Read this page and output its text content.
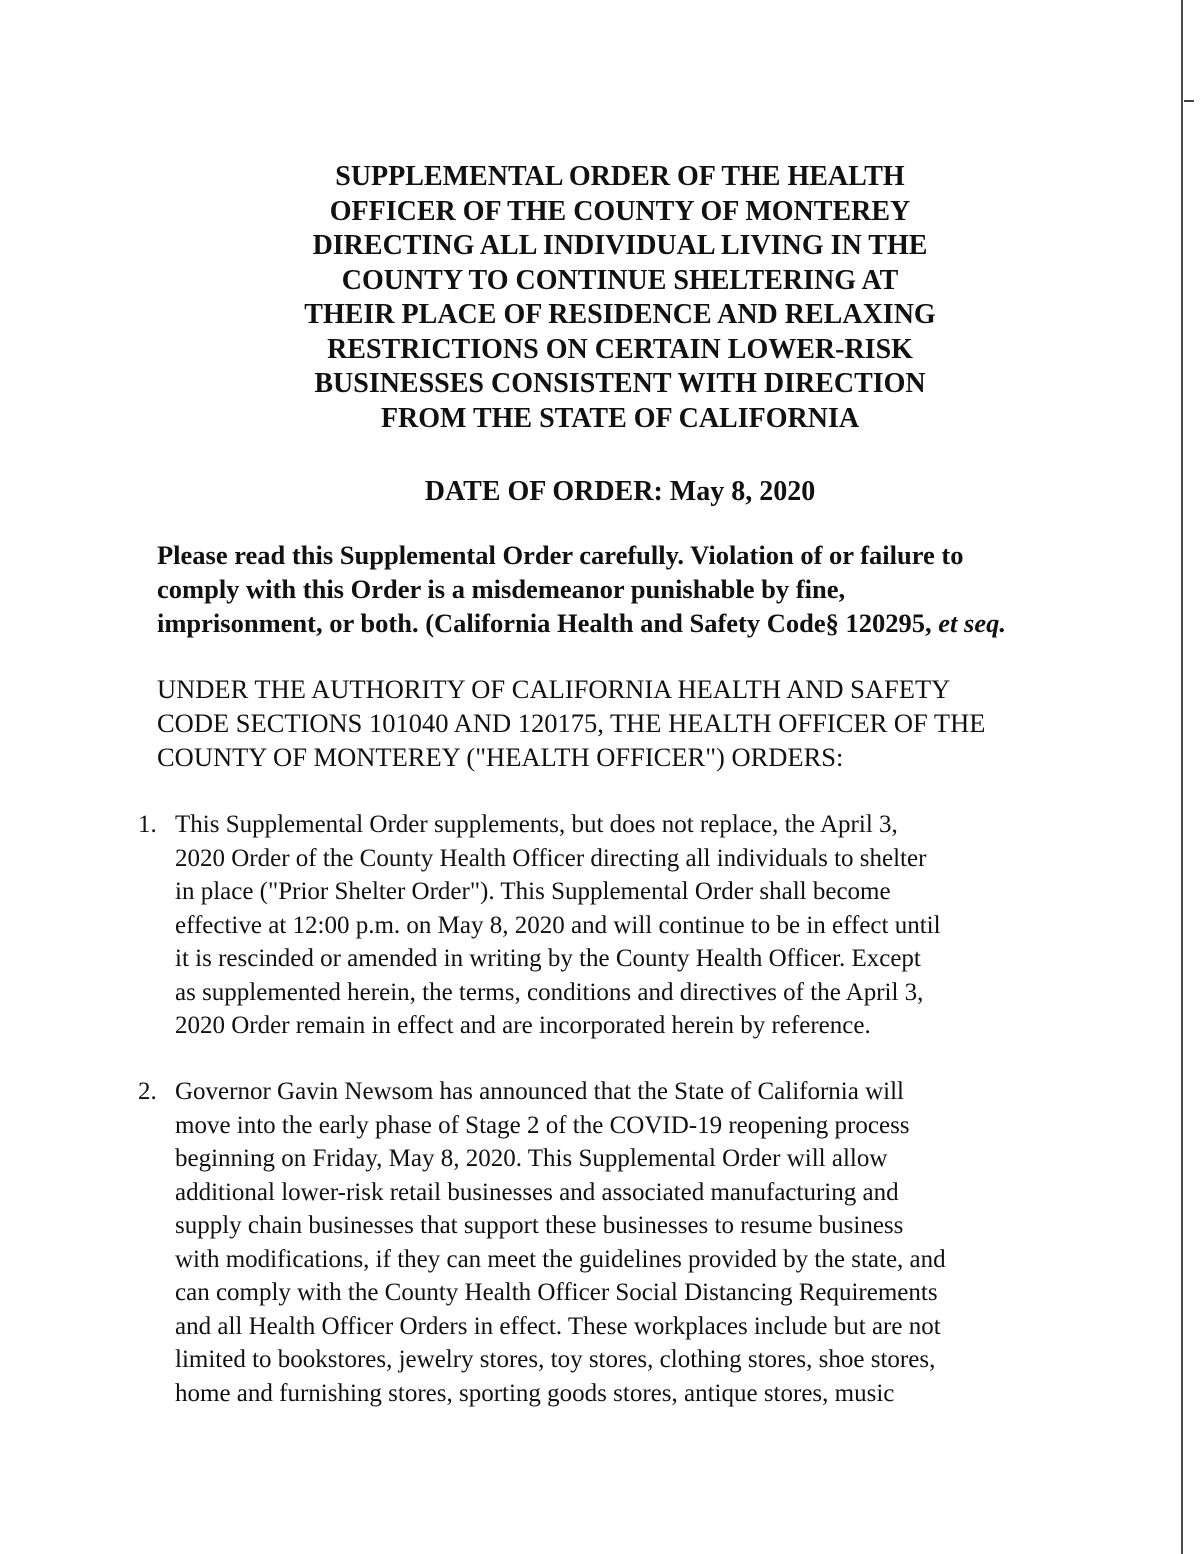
SUPPLEMENTAL ORDER OF THE HEALTH
OFFICER OF THE COUNTY OF MONTEREY
DIRECTING ALL INDIVIDUAL LIVING IN THE
COUNTY TO CONTINUE SHELTERING AT
THEIR PLACE OF RESIDENCE AND RELAXING
RESTRICTIONS ON CERTAIN LOWER-RISK
BUSINESSES CONSISTENT WITH DIRECTION
FROM THE STATE OF CALIFORNIA

DATE OF ORDER: May 8, 2020

Please read this Supplemental Order carefully. Violation of or failure to
comply with this Order is a misdemeanor punishable by fine,
imprisonment, or both. (California Health and Safety Code§ 120295, et seq.

UNDER THE AUTHORITY OF CALIFORNIA HEALTH AND SAFETY
CODE SECTIONS 101040 AND 120175, THE HEALTH OFFICER OF THE
COUNTY OF MONTEREY ("HEALTH OFFICER") ORDERS:

1. This Supplemental Order supplements, but does not replace, the April 3,
2020 Order of the County Health Officer directing all individuals to shelter
in place ("Prior Shelter Order"). This Supplemental Order shall become
effective at 12:00 p.m. on May 8, 2020 and will continue to be in effect until
it is rescinded or amended in writing by the County Health Officer. Except
as supplemented herein, the terms, conditions and directives of the April 3,
2020 Order remain in effect and are incorporated herein by reference.
2. Governor Gavin Newsom has announced that the State of California will
move into the early phase of Stage 2 of the COVID-19 reopening process
beginning on Friday, May 8, 2020. This Supplemental Order will allow
additional lower-risk retail businesses and associated manufacturing and
supply chain businesses that support these businesses to resume business
with modifications, if they can meet the guidelines provided by the state, and
can comply with the County Health Officer Social Distancing Requirements
and all Health Officer Orders in effect. These workplaces include but are not
limited to bookstores, jewelry stores, toy stores, clothing stores, shoe stores,
home and furnishing stores, sporting goods stores, antique stores, music
